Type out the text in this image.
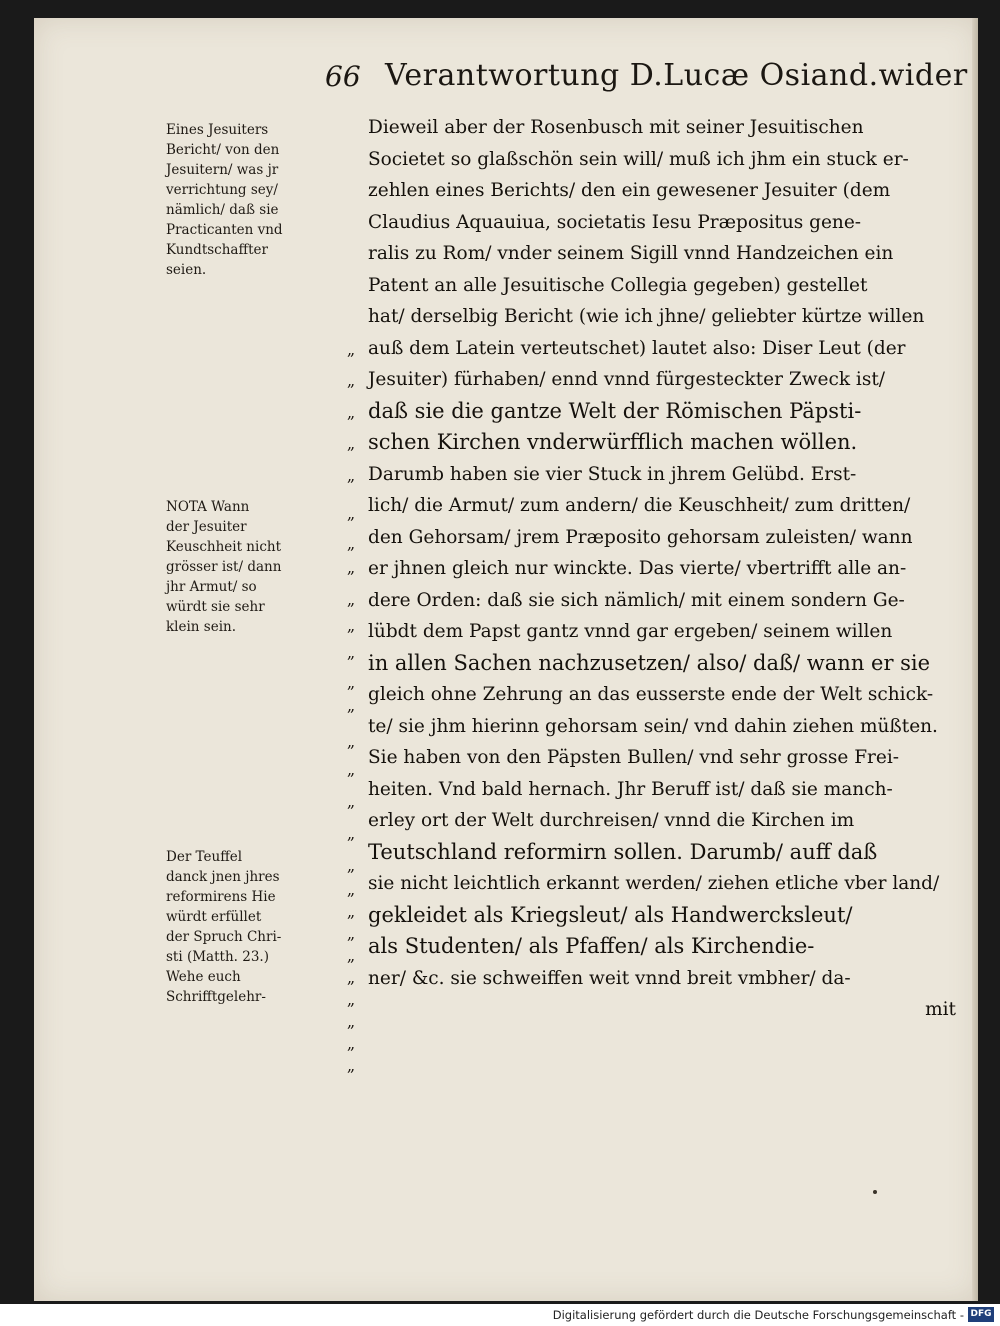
66 Verantwortung D.Lucæ Osiand.wider
Eines Jesuiters
Bericht/ von den
Jesuitern/ was jr
verrichtung sey/
nämlich/ daß sie
Practicanten vnd
Kundtschaffter
seien.
NOTA Wann
der Jesuiter
Keuschheit nicht
grösser ist/ dann
jhr Armut/ so
würdt sie sehr
klein sein.
Der Teuffel
danck jnen jhres
reformirens Hie
würdt erfüllet
der Spruch Chri-
sti (Matth. 23.)
Wehe euch
Schrifftgelehr-
„
„
„
„
„
„
„
„
„
„
„
„
„
„
„
„
„
„
„
„
„
„
„
„
„
„
„
Dieweil aber der Rosenbusch mit seiner Jesuitischen
Societet so glaßschön sein will/ muß ich jhm ein stuck er-
zehlen eines Berichts/ den ein gewesener Jesuiter (dem
Claudius Aquauiua, societatis Iesu Præpositus gene-
ralis zu Rom/ vnder seinem Sigill vnnd Handzeichen ein
Patent an alle Jesuitische Collegia gegeben) gestellet
hat/ derselbig Bericht (wie ich jhne/ geliebter kürtze willen
auß dem Latein verteutschet) lautet also: Diser Leut (der
Jesuiter) fürhaben/ ennd vnnd fürgesteckter Zweck ist/
daß sie die gantze Welt der Römischen Päpsti-
schen Kirchen vnderwürfflich machen wöllen.
Darumb haben sie vier Stuck in jhrem Gelübd. Erst-
lich/ die Armut/ zum andern/ die Keuschheit/ zum dritten/
den Gehorsam/ jrem Præposito gehorsam zuleisten/ wann
er jhnen gleich nur winckte. Das vierte/ vbertrifft alle an-
dere Orden: daß sie sich nämlich/ mit einem sondern Ge-
lübdt dem Papst gantz vnnd gar ergeben/ seinem willen
in allen Sachen nachzusetzen/ also/ daß/ wann er sie
gleich ohne Zehrung an das eusserste ende der Welt schick-
te/ sie jhm hierinn gehorsam sein/ vnd dahin ziehen müßten.
Sie haben von den Päpsten Bullen/ vnd sehr grosse Frei-
heiten. Vnd bald hernach. Jhr Beruff ist/ daß sie manch-
erley ort der Welt durchreisen/ vnnd die Kirchen im
Teutschland reformirn sollen. Darumb/ auff daß
sie nicht leichtlich erkannt werden/ ziehen etliche vber land/
gekleidet als Kriegsleut/ als Handwercksleut/
als Studenten/ als Pfaffen/ als Kirchendie-
ner/ &c. sie schweiffen weit vnnd breit vmbher/ da-
mit
Digitalisierung gefördert durch die Deutsche Forschungsgemeinschaft - DFG
